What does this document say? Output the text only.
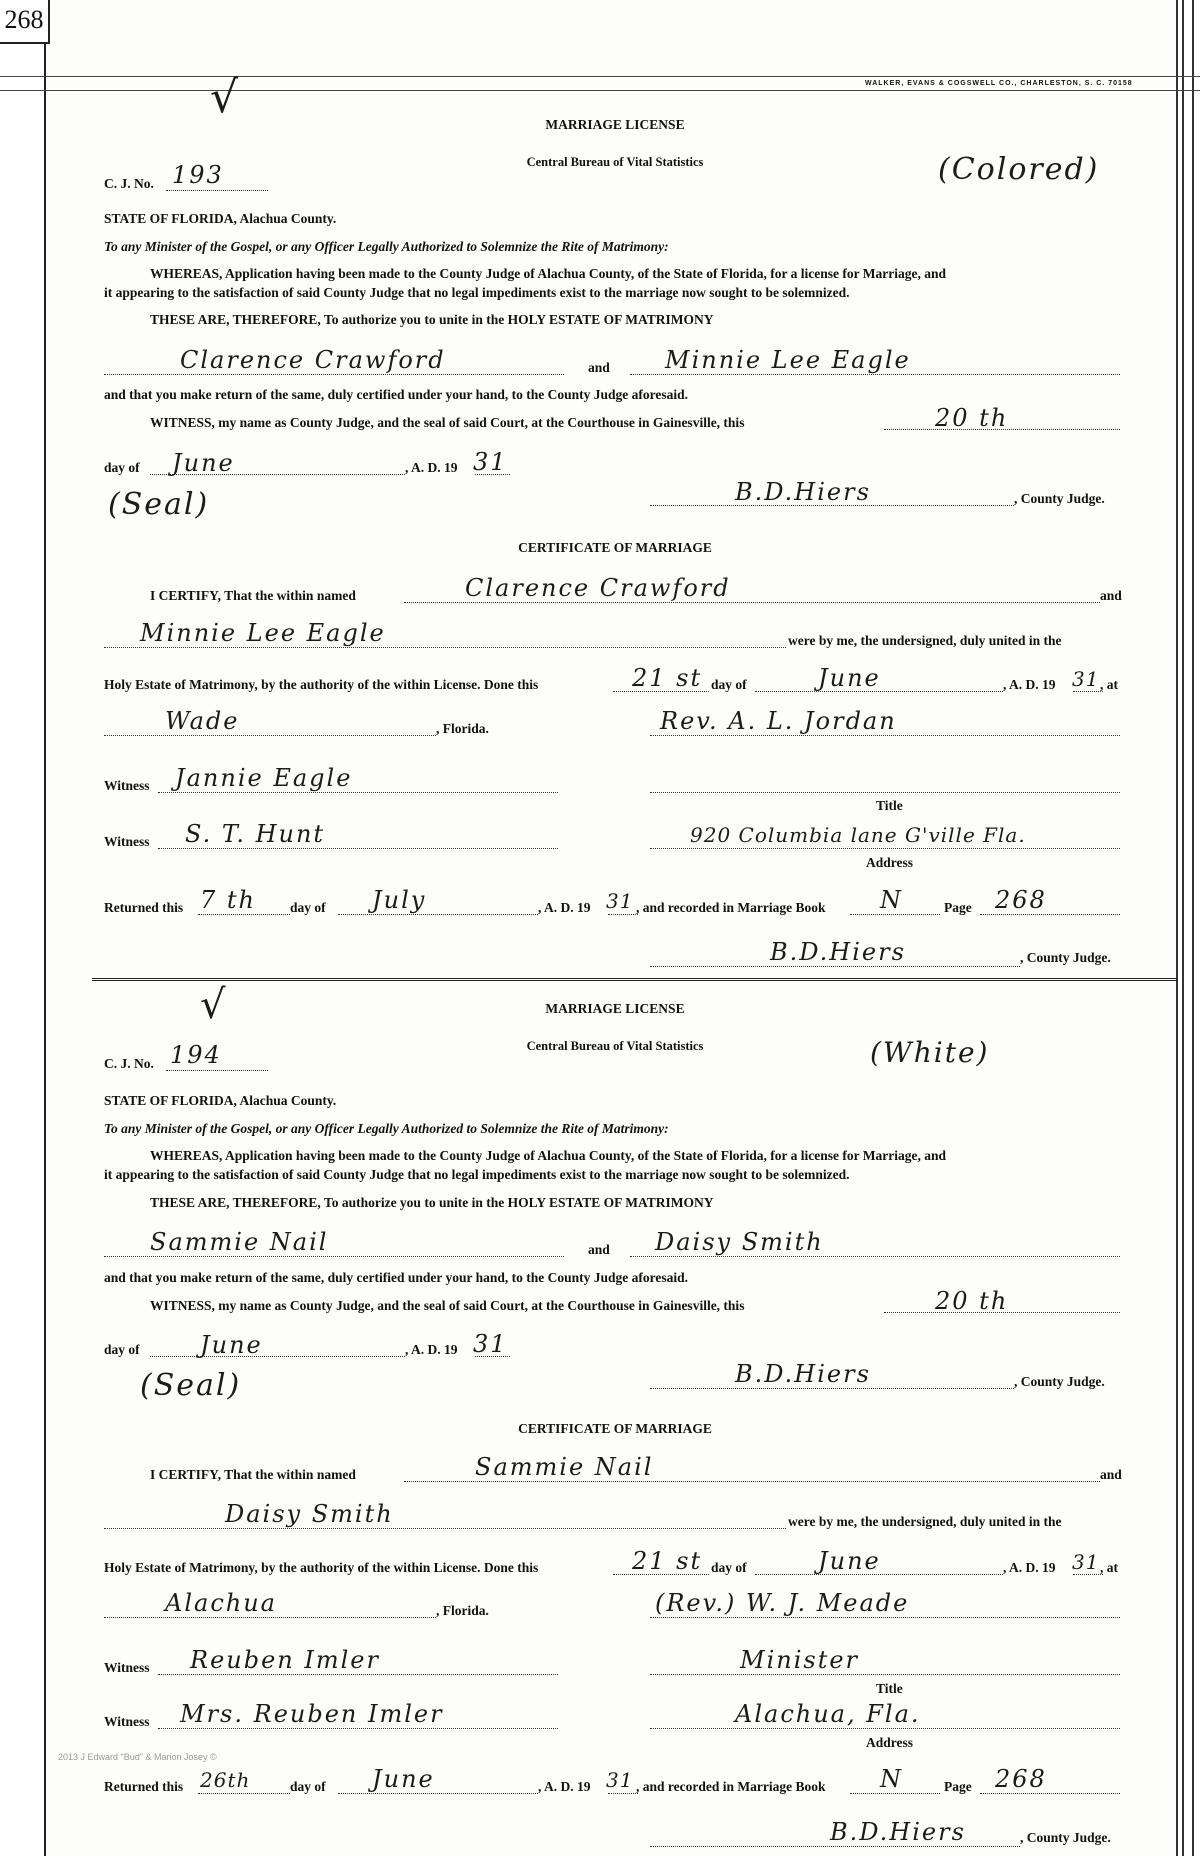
268
WALKER, EVANS & COGSWELL CO., CHARLESTON, S. C. 70158
√
MARRIAGE LICENSE
Central Bureau of Vital Statistics	(Colored)
C. J. No. 193
STATE OF FLORIDA, Alachua County.
To any Minister of the Gospel, or any Officer Legally Authorized to Solemnize the Rite of Matrimony:
WHEREAS, Application having been made to the County Judge of Alachua County, of the State of Florida, for a license for Marriage, and
it appearing to the satisfaction of said County Judge that no legal impediments exist to the marriage now sought to be solemnized.
THESE ARE, THEREFORE, To authorize you to unite in the HOLY ESTATE OF MATRIMONY
Clarence Crawford	and Minnie Lee Eagle
and that you make return of the same, duly certified under your hand, to the County Judge aforesaid.
WITNESS, my name as County Judge, and the seal of said Court, at the Courthouse in Gainesville, this	20 th
day of June	, A. D. 19 31
(Seal)	B.D.Hiers	, County Judge.
CERTIFICATE OF MARRIAGE
I CERTIFY, That the within named	Clarence Crawford	and
Minnie Lee Eagle	were by me, the undersigned, duly united in the
Holy Estate of Matrimony, by the authority of the within License. Done this	21 st day of	June	, A. D. 19 31 , at
Wade	, Florida.	Rev. A. L. Jordan
Witness Jannie Eagle
Title
Witness S. T. Hunt	920 Columbia lane G'ville Fla.
Address
Returned this 7 th	day of July	, A. D. 19 31 , and recorded in Marriage Book N	Page 268
B.D.Hiers	, County Judge.
√	MARRIAGE LICENSE
Central Bureau of Vital Statistics	(White)
C. J. No. 194
STATE OF FLORIDA, Alachua County.
To any Minister of the Gospel, or any Officer Legally Authorized to Solemnize the Rite of Matrimony:
WHEREAS, Application having been made to the County Judge of Alachua County, of the State of Florida, for a license for Marriage, and
it appearing to the satisfaction of said County Judge that no legal impediments exist to the marriage now sought to be solemnized.
THESE ARE, THEREFORE, To authorize you to unite in the HOLY ESTATE OF MATRIMONY
Sammie Nail	and Daisy Smith
and that you make return of the same, duly certified under your hand, to the County Judge aforesaid.
WITNESS, my name as County Judge, and the seal of said Court, at the Courthouse in Gainesville, this	20 th
day of	June	, A. D. 19 31
(Seal)	B.D.Hiers	, County Judge.
CERTIFICATE OF MARRIAGE
I CERTIFY, That the within named	Sammie Nail	and
Daisy Smith	were by me, the undersigned, duly united in the
Holy Estate of Matrimony, by the authority of the within License. Done this	21 st day of	June	, A. D. 19 31 , at
Alachua	, Florida.	(Rev.) W. J. Meade
Witness Reuben Imler	Minister
Title
Witness Mrs. Reuben Imler	Alachua, Fla.
Address
2013 J Edward "Bud" & Marion Josey ©
Returned this 26th	day of June	, A. D. 19 31 , and recorded in Marriage Book N	Page 268
B.D.Hiers	, County Judge.
